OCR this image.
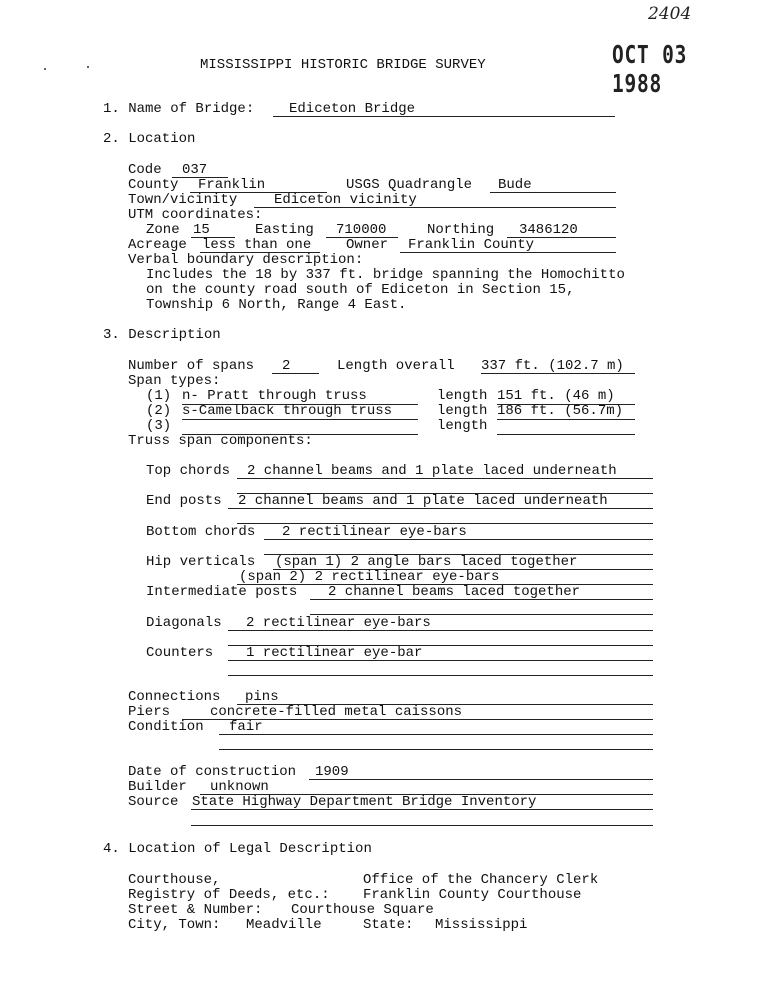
2404
OCT 03 1988
MISSISSIPPI HISTORIC BRIDGE SURVEY
1. Name of Bridge:	Ediceton Bridge
2. Location
Code	037
County	Franklin	USGS Quadrangle	Bude
Town/vicinity	Ediceton vicinity
UTM coordinates:
Zone 15	Easting	710000	Northing	3486120
Acreage less than one	Owner	Franklin County
Verbal boundary description:
Includes the 18 by 337 ft. bridge spanning the Homochitto
on the county road south of Ediceton in Section 15,
Township 6 North, Range 4 East.
3. Description
Number of spans	2	Length overall 337 ft. (102.7 m)
Span types:
(1) n- Pratt through truss	length 151 ft. (46 m)
(2) s-Camelback through truss	length 186 ft. (56.7m)
(3)	length
Truss span components:
Top chords	2 channel beams and 1 plate laced underneath
End posts	2 channel beams and 1 plate laced underneath
Bottom chords	2 rectilinear eye-bars
Hip verticals (span 1) 2 angle bars laced together
(span 2) 2 rectilinear eye-bars
Intermediate posts	2 channel beams laced together
Diagonals	2 rectilinear eye-bars
Counters	1 rectilinear eye-bar
Connections	pins
Piers	concrete-filled metal caissons
Condition	fair
Date of construction	1909
Builder	unknown
Source State Highway Department Bridge Inventory
4. Location of Legal Description
Courthouse,	Office of the Chancery Clerk
Registry of Deeds, etc.: Franklin County Courthouse
Street & Number: Courthouse Square
City, Town: Meadville	State: Mississippi
